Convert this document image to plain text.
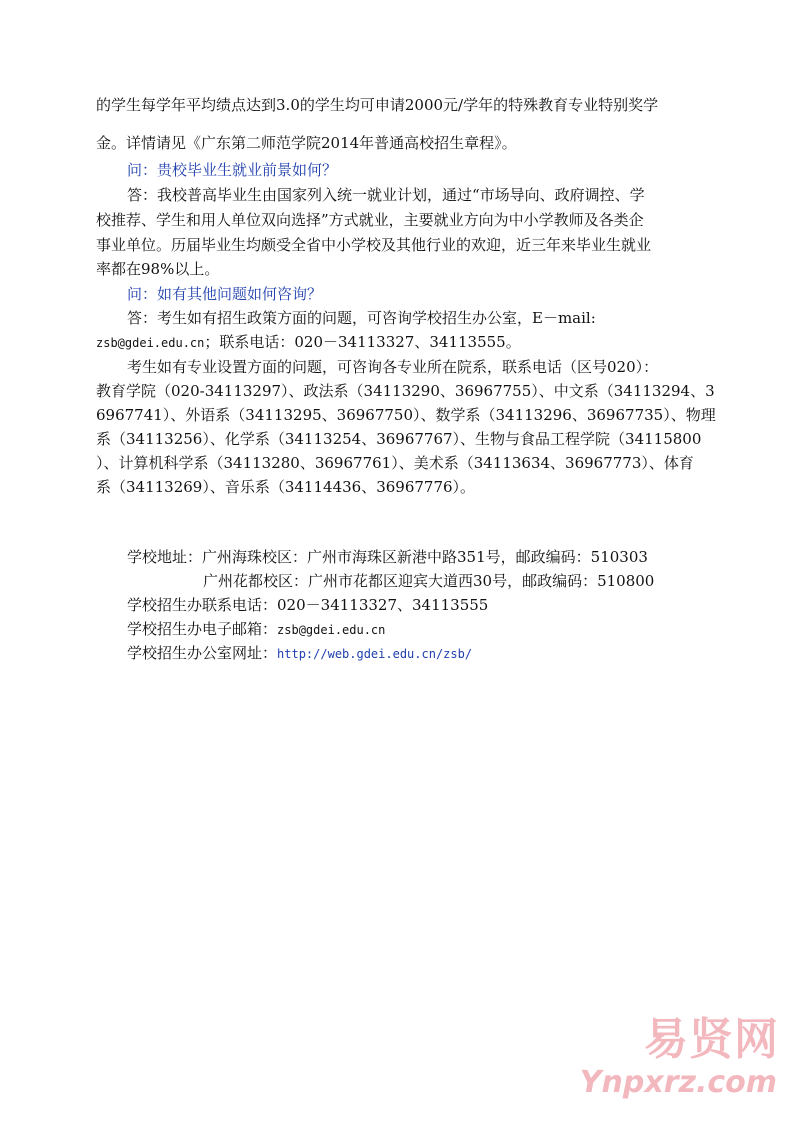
的学生每学年平均绩点达到3.0的学生均可申请2000元/学年的特殊教育专业特别奖学
金。详情请见《广东第二师范学院2014年普通高校招生章程》。
问：贵校毕业生就业前景如何？
答：我校普高毕业生由国家列入统一就业计划，通过“市场导向、政府调控、学
校推荐、学生和用人单位双向选择”方式就业，主要就业方向为中小学教师及各类企
事业单位。历届毕业生均颇受全省中小学校及其他行业的欢迎，近三年来毕业生就业
率都在98%以上。
问：如有其他问题如何咨询？
答：考生如有招生政策方面的问题，可咨询学校招生办公室，E－mail:
zsb@gdei.edu.cn；联系电话：020－34113327、34113555。
考生如有专业设置方面的问题，可咨询各专业所在院系，联系电话（区号020）：
教育学院（020-34113297）、政法系（34113290、36967755）、中文系（34113294、3
6967741）、外语系（34113295、36967750）、数学系（34113296、36967735）、物理
系（34113256）、化学系（34113254、36967767）、生物与食品工程学院（34115800
）、计算机科学系（34113280、36967761）、美术系（34113634、36967773）、体育
系（34113269）、音乐系（34114436、36967776）。
学校地址：广州海珠校区：广州市海珠区新港中路351号，邮政编码：510303
广州花都校区：广州市花都区迎宾大道西30号，邮政编码：510800
学校招生办联系电话：020－34113327、34113555
学校招生办电子邮箱：zsb@gdei.edu.cn
学校招生办公室网址：http://web.gdei.edu.cn/zsb/
易贤网
Ynpxrz.com
